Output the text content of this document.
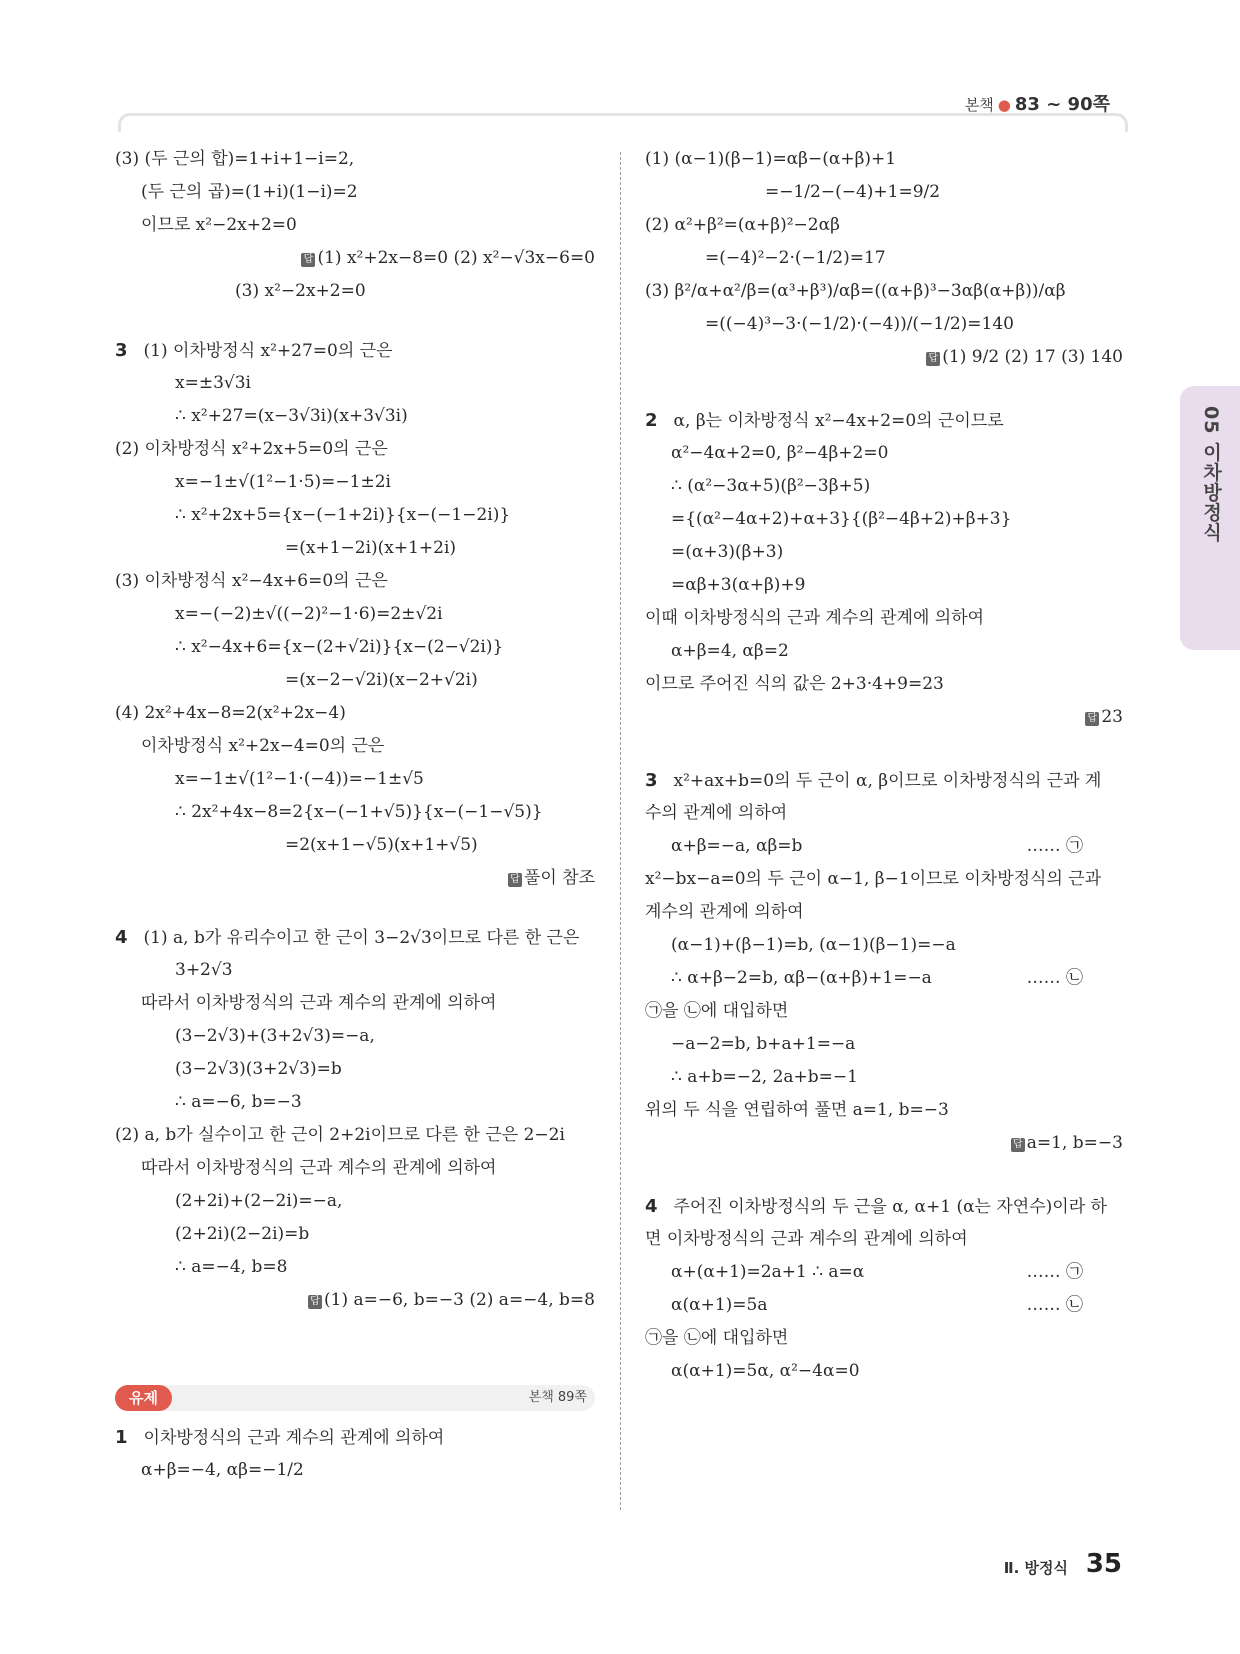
본책 ● 83 ~ 90쪽
05 이차방정식
(3) (두 근의 합)=1+i+1−i=2,
(두 근의 곱)=(1+i)(1−i)=2
이므로 x²−2x+2=0
답 (1) x²+2x−8=0 (2) x²−√3x−6=0
(3) x²−2x+2=0
3 (1) 이차방정식 x²+27=0의 근은
x=±3√3i
∴ x²+27=(x−3√3i)(x+3√3i)
(2) 이차방정식 x²+2x+5=0의 근은
x=−1±√(1²−1·5)=−1±2i
∴ x²+2x+5={x−(−1+2i)}{x−(−1−2i)}
=(x+1−2i)(x+1+2i)
(3) 이차방정식 x²−4x+6=0의 근은
x=−(−2)±√((−2)²−1·6)=2±√2i
∴ x²−4x+6={x−(2+√2i)}{x−(2−√2i)}
=(x−2−√2i)(x−2+√2i)
(4) 2x²+4x−8=2(x²+2x−4)
이차방정식 x²+2x−4=0의 근은
x=−1±√(1²−1·(−4))=−1±√5
∴ 2x²+4x−8=2{x−(−1+√5)}{x−(−1−√5)}
=2(x+1−√5)(x+1+√5)
답 풀이 참조
4 (1) a, b가 유리수이고 한 근이 3−2√3이므로 다른 한 근은
3+2√3
따라서 이차방정식의 근과 계수의 관계에 의하여
(3−2√3)+(3+2√3)=−a,
(3−2√3)(3+2√3)=b
∴ a=−6, b=−3
(2) a, b가 실수이고 한 근이 2+2i이므로 다른 한 근은 2−2i
따라서 이차방정식의 근과 계수의 관계에 의하여
(2+2i)+(2−2i)=−a,
(2+2i)(2−2i)=b
∴ a=−4, b=8
답 (1) a=−6, b=−3 (2) a=−4, b=8
유제	본책 89쪽
1 이차방정식의 근과 계수의 관계에 의하여
α+β=−4, αβ=−1/2
(1) (α−1)(β−1)=αβ−(α+β)+1
=−1/2−(−4)+1=9/2
(2) α²+β²=(α+β)²−2αβ
=(−4)²−2·(−1/2)=17
(3) β²/α+α²/β=(α³+β³)/αβ=((α+β)³−3αβ(α+β))/αβ
=((−4)³−3·(−1/2)·(−4))/(−1/2)=140
답 (1) 9/2 (2) 17 (3) 140
2 α, β는 이차방정식 x²−4x+2=0의 근이므로
α²−4α+2=0, β²−4β+2=0
∴ (α²−3α+5)(β²−3β+5)
={(α²−4α+2)+α+3}{(β²−4β+2)+β+3}
=(α+3)(β+3)
=αβ+3(α+β)+9
이때 이차방정식의 근과 계수의 관계에 의하여
α+β=4, αβ=2
이므로 주어진 식의 값은 2+3·4+9=23
답 23
3 x²+ax+b=0의 두 근이 α, β이므로 이차방정식의 근과 계
수의 관계에 의하여
α+β=−a, αβ=b	…… ㉠
x²−bx−a=0의 두 근이 α−1, β−1이므로 이차방정식의 근과
계수의 관계에 의하여
(α−1)+(β−1)=b, (α−1)(β−1)=−a
∴ α+β−2=b, αβ−(α+β)+1=−a	…… ㉡
㉠을 ㉡에 대입하면
−a−2=b, b+a+1=−a
∴ a+b=−2, 2a+b=−1
위의 두 식을 연립하여 풀면 a=1, b=−3
답 a=1, b=−3
4 주어진 이차방정식의 두 근을 α, α+1 (α는 자연수)이라 하
면 이차방정식의 근과 계수의 관계에 의하여
α+(α+1)=2a+1 ∴ a=α	…… ㉠
α(α+1)=5a	…… ㉡
㉠을 ㉡에 대입하면
α(α+1)=5α, α²−4α=0
Ⅱ. 방정식 35
